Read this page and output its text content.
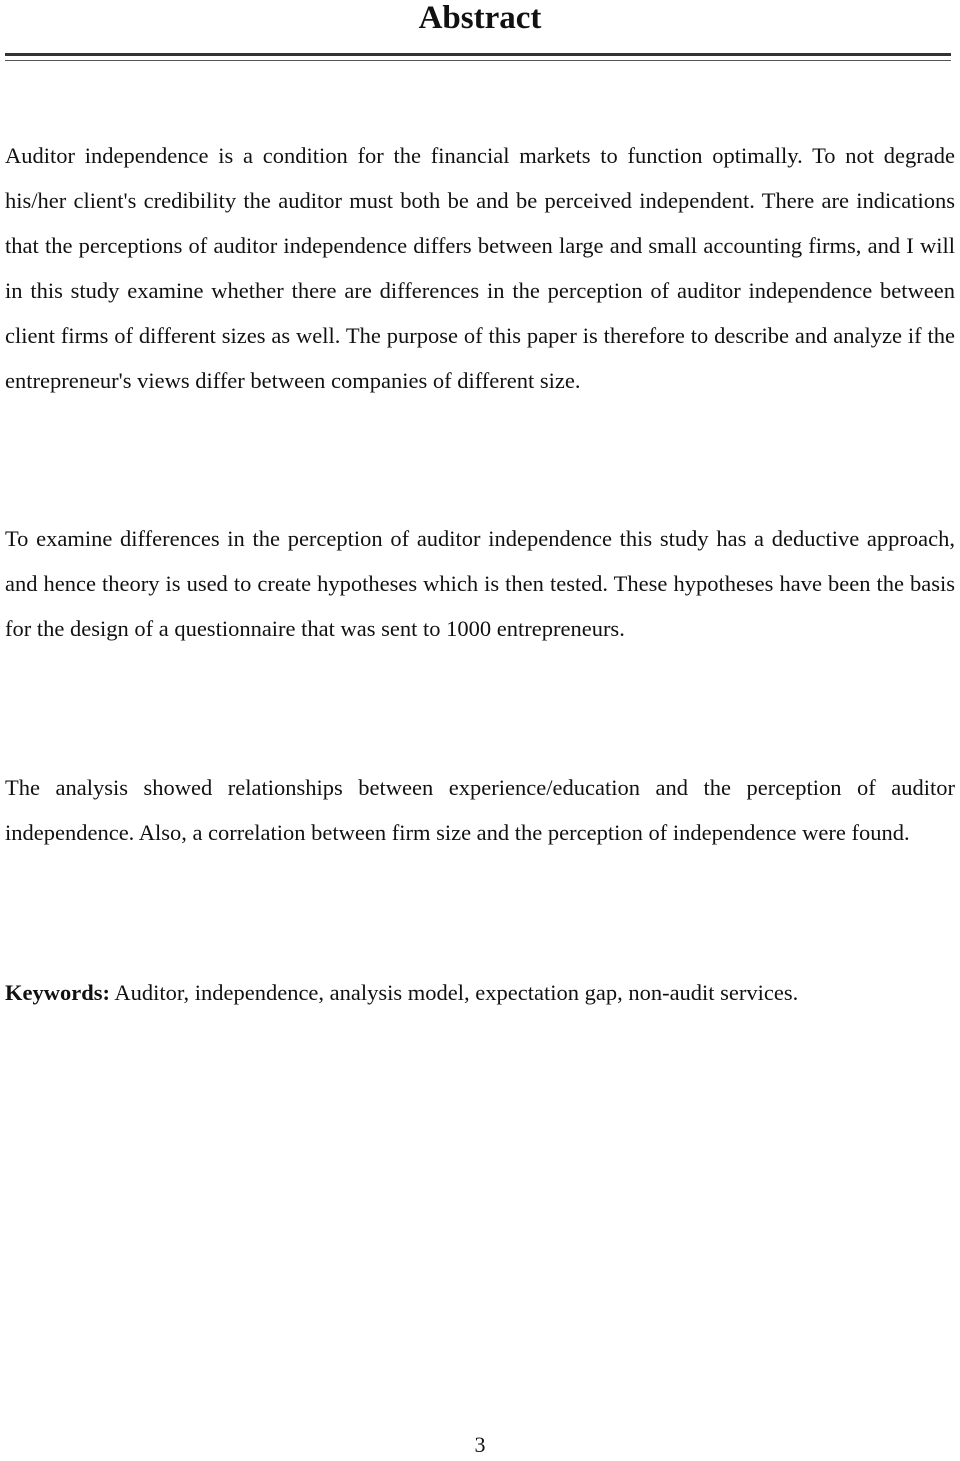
Abstract

Auditor independence is a condition for the financial markets to function optimally. To not degrade his/her client's credibility the auditor must both be and be perceived independent. There are indications that the perceptions of auditor independence differs between large and small accounting firms, and I will in this study examine whether there are differences in the perception of auditor independence between client firms of different sizes as well. The purpose of this paper is therefore to describe and analyze if the entrepreneur's views differ between companies of different size.

To examine differences in the perception of auditor independence this study has a deductive approach, and hence theory is used to create hypotheses which is then tested. These hypotheses have been the basis for the design of a questionnaire that was sent to 1000 entrepreneurs.

The analysis showed relationships between experience/education and the perception of auditor independence. Also, a correlation between firm size and the perception of independence were found.

Keywords: Auditor, independence, analysis model, expectation gap, non-audit services.

3
